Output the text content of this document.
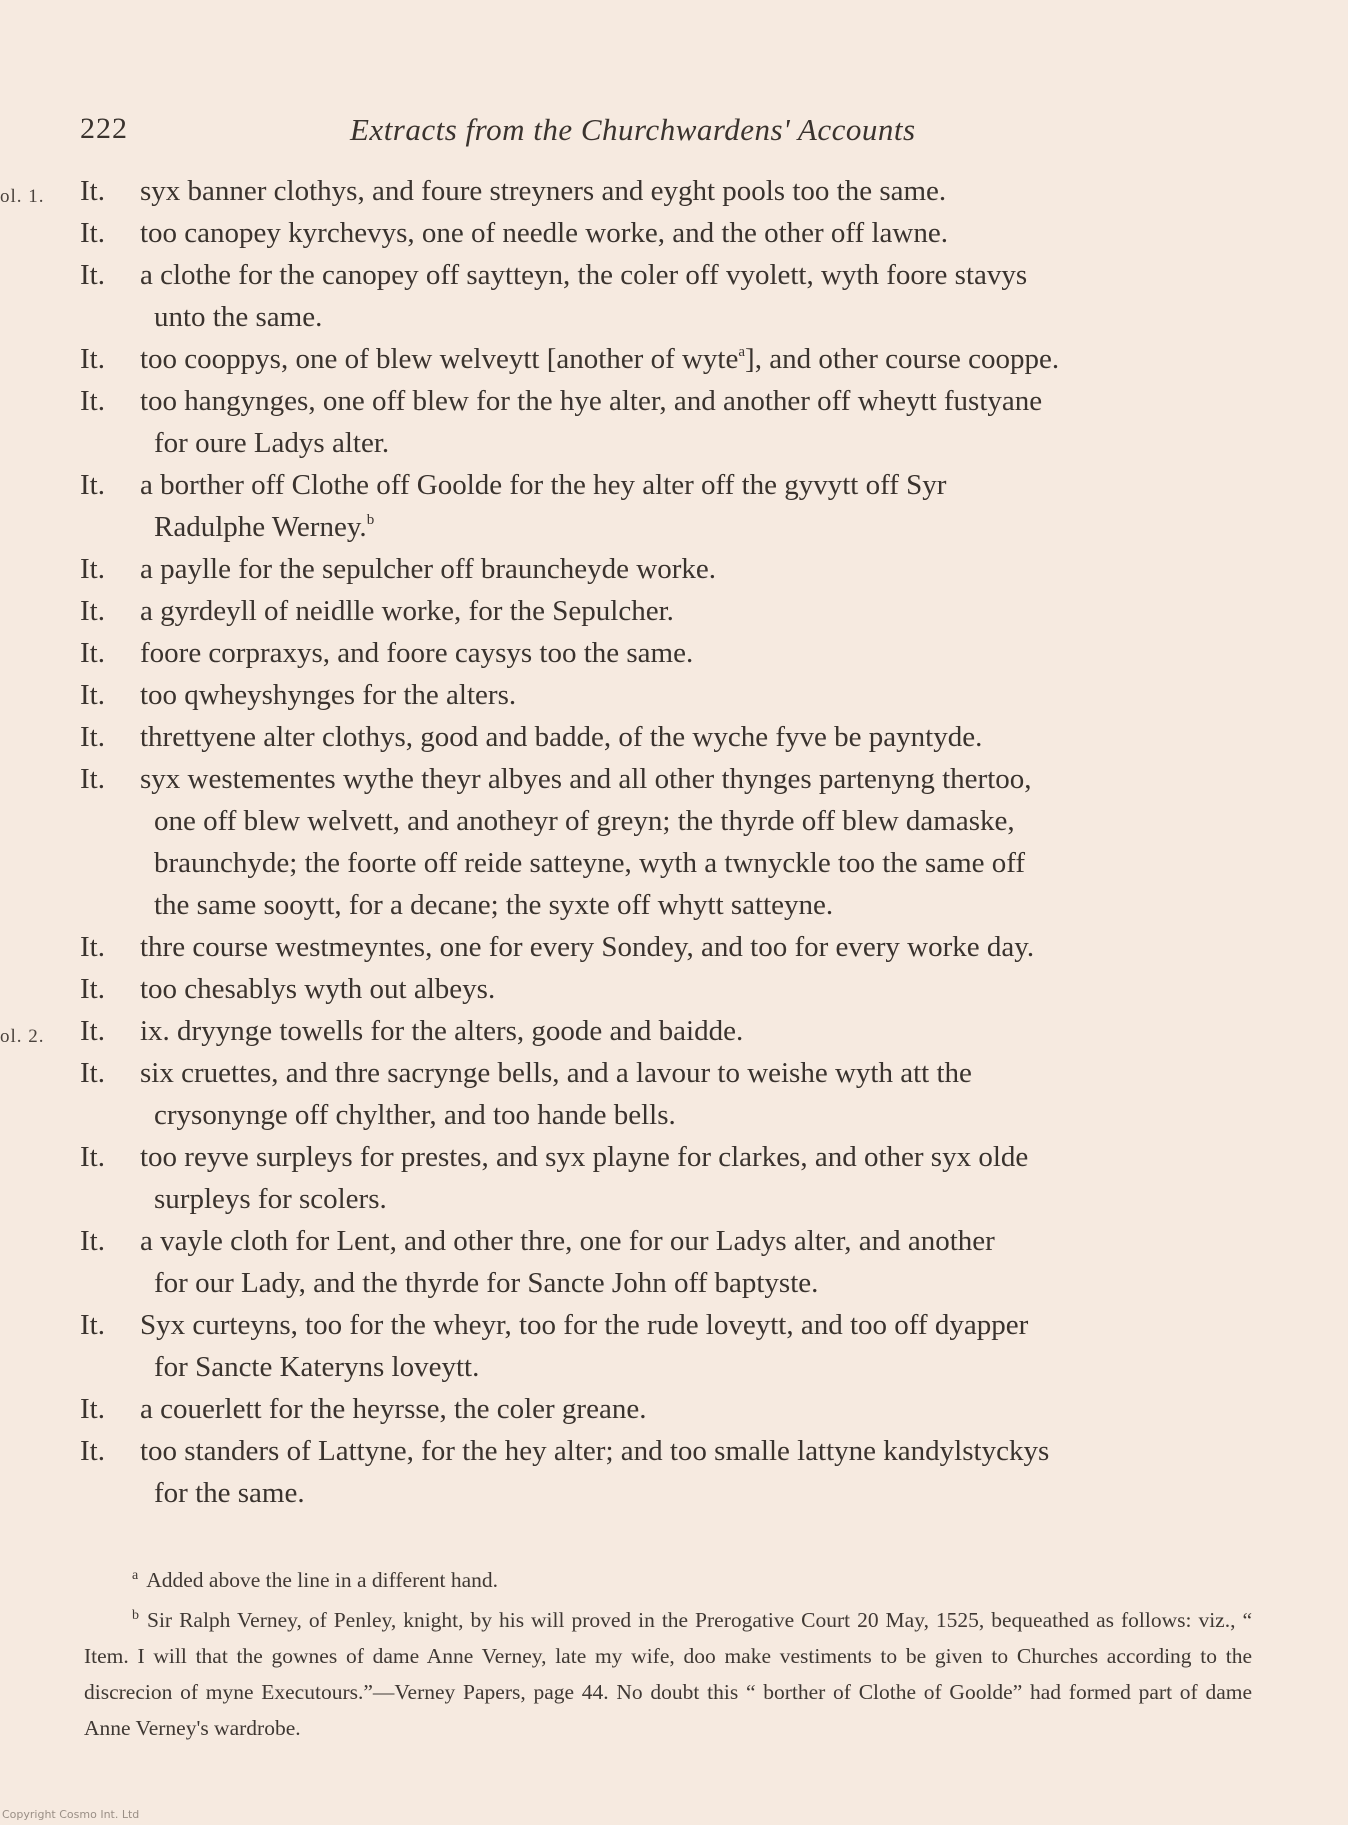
222	Extracts from the Churchwardens' Accounts
ol. 1. It.	syx banner clothys, and foure streyners and eyght pools too the same.
It.	too canopey kyrchevys, one of needle worke, and the other off lawne.
It.	a clothe for the canopey off saytteyn, the coler off vyolett, wyth foore stavys
unto the same.
It.	too cooppys, one of blew welveytt [another of wyte$^a$], and other course cooppe.
It.	too hangynges, one off blew for the hye alter, and another off wheytt fustyane
for oure Ladys alter.
It.	a borther off Clothe off Goolde for the hey alter off the gyvytt off Syr
Radulphe Werney.$^b$
It.	a paylle for the sepulcher off brauncheyde worke.
It.	a gyrdeyll of neidlle worke, for the Sepulcher.
It.	foore corpraxys, and foore caysys too the same.
It.	too qwheyshynges for the alters.
It.	threttyene alter clothys, good and badde, of the wyche fyve be payntyde.
It.	syx westementes wythe theyr albyes and all other thynges partenyng thertoo,
one off blew welvett, and anotheyr of greyn; the thyrde off blew damaske,
braunchyde; the foorte off reide satteyne, wyth a twnyckle too the same off
the same sooytt, for a decane; the syxte off whytt satteyne.
It.	thre course westmeyntes, one for every Sondey, and too for every worke day.
It.	too chesablys wyth out albeys.
ol. 2. It.	ix. dryynge towells for the alters, goode and baidde.
It.	six cruettes, and thre sacrynge bells, and a lavour to weishe wyth att the
crysonynge off chylther, and too hande bells.
It.	too reyve surpleys for prestes, and syx playne for clarkes, and other syx olde
surpleys for scolers.
It.	a vayle cloth for Lent, and other thre, one for our Ladys alter, and another
for our Lady, and the thyrde for Sancte John off baptyste.
It.	Syx curteyns, too for the wheyr, too for the rude loveytt, and too off dyapper
for Sancte Kateryns loveytt.
It.	a couerlett for the heyrsse, the coler greane.
It.	too standers of Lattyne, for the hey alter; and too smalle lattyne kandylstyckys
for the same.
$^a$ Added above the line in a different hand.
$^b$ Sir Ralph Verney, of Penley, knight, by his will proved in the Prerogative Court 20 May, 1525, bequeathed as follows: viz., “ Item. I will that the gownes of dame Anne Verney, late my wife, doo make vestiments to be given to Churches according to the discrecion of myne Executours.”—Verney Papers, page 44. No doubt this “ borther of Clothe of Goolde” had formed part of dame Anne Verney's wardrobe.
Copyright Cosmo Int. Ltd
